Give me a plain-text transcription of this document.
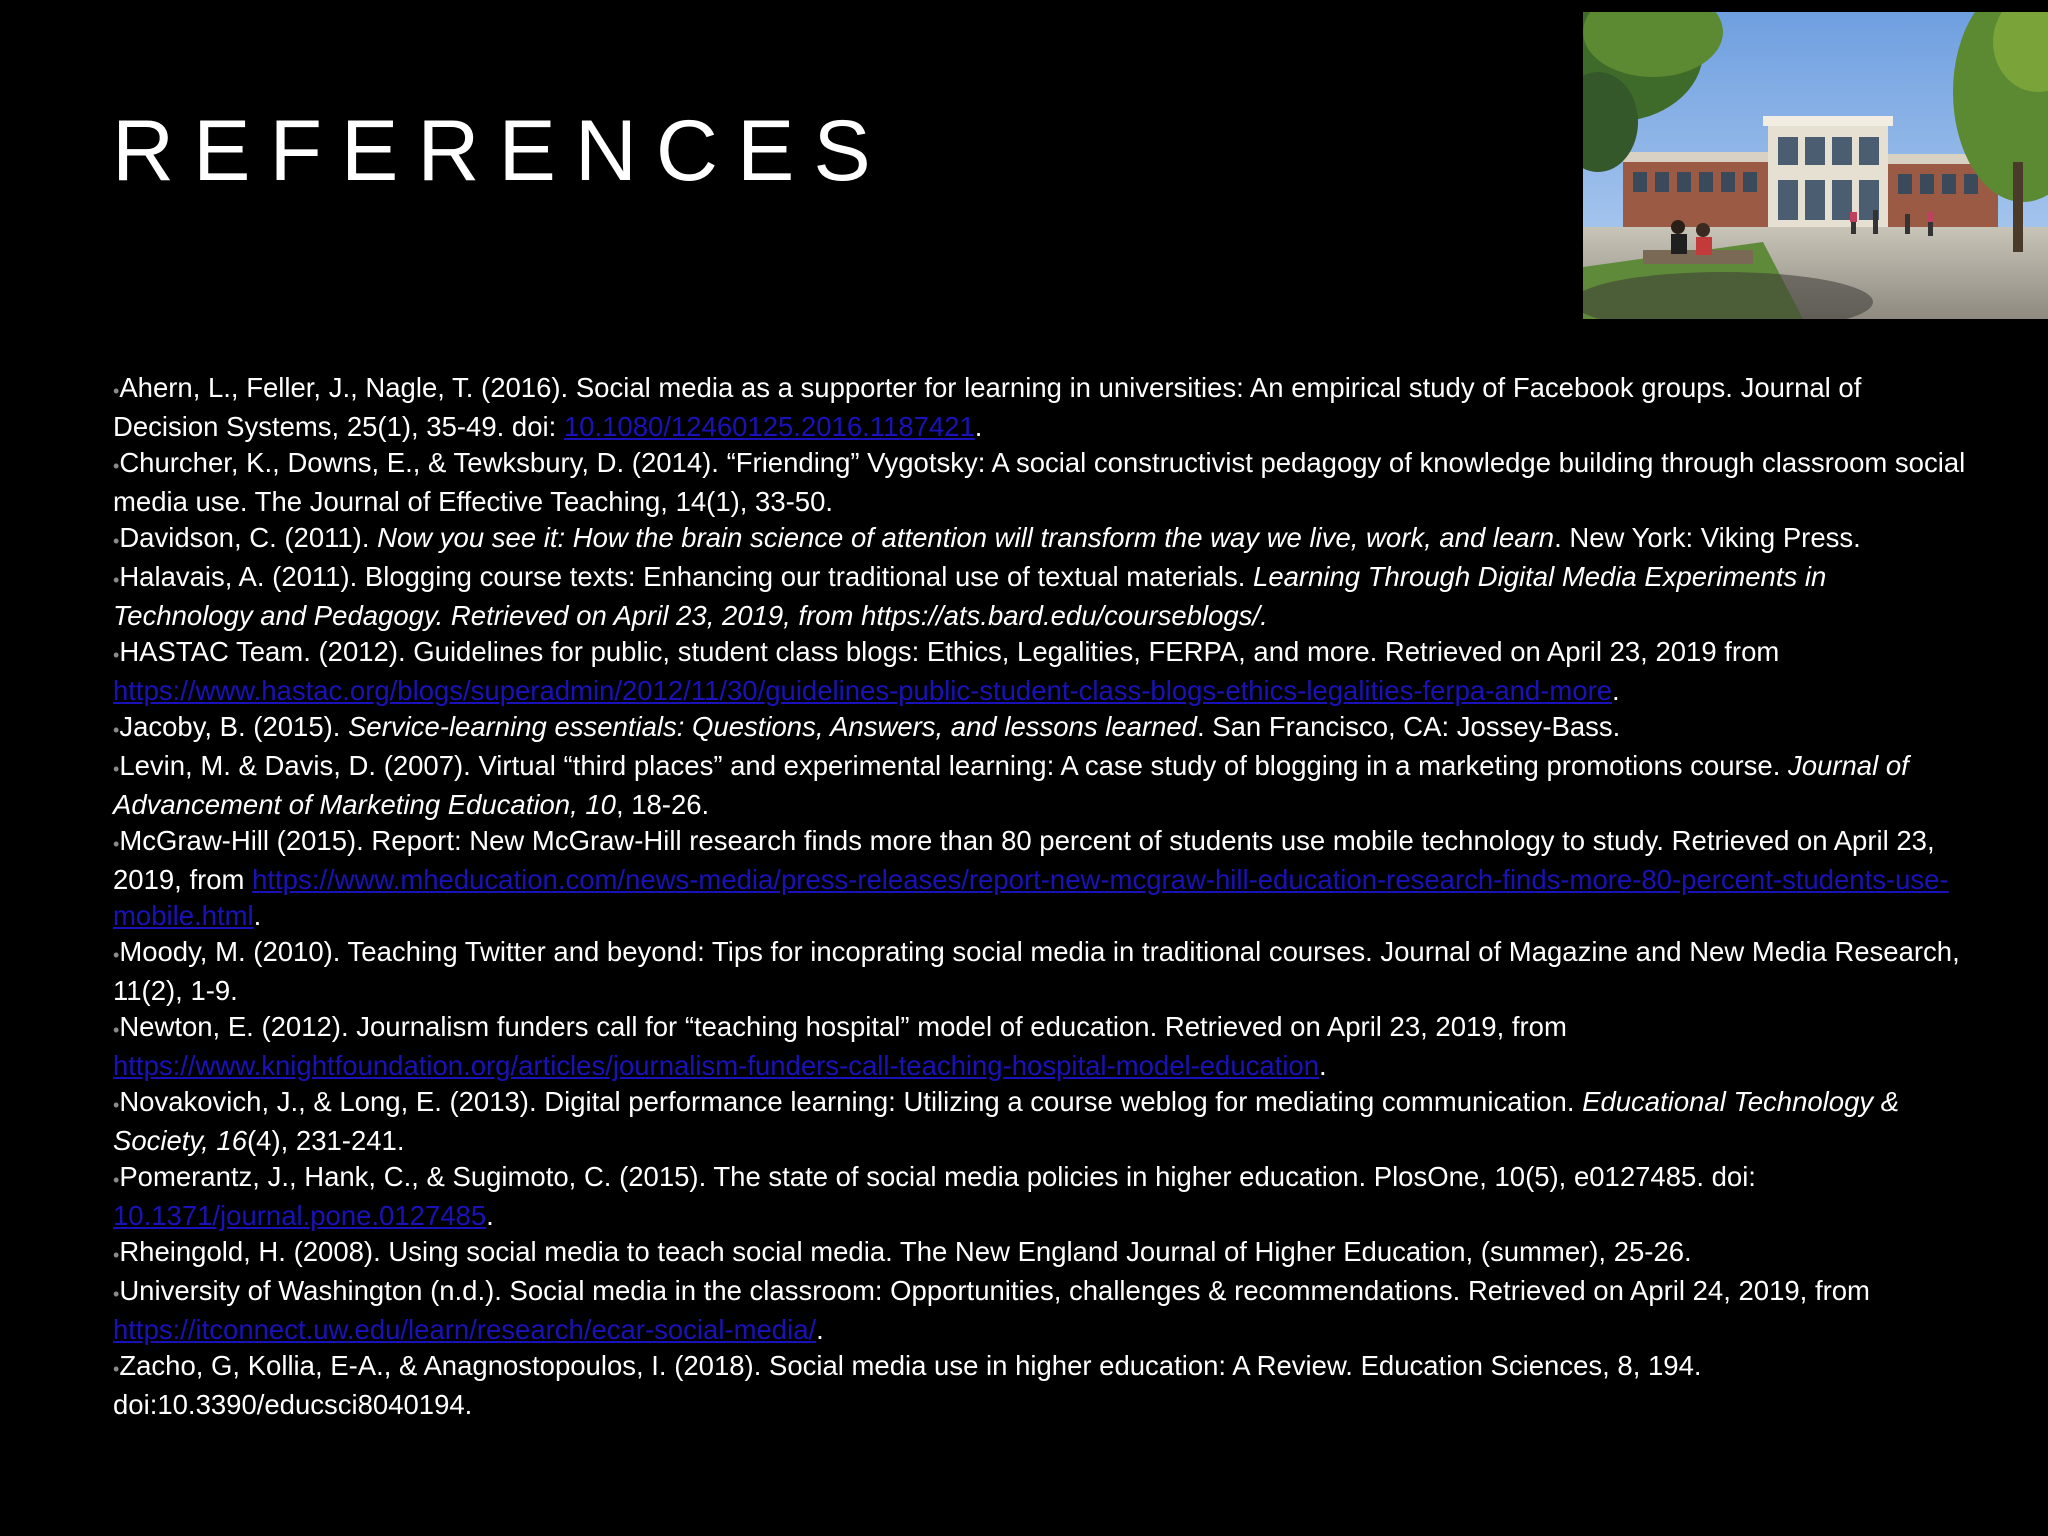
REFERENCES
•Ahern, L., Feller, J., Nagle, T. (2016). Social media as a supporter for learning in universities: An empirical study of Facebook groups. Journal of Decision Systems, 25(1), 35-49. doi: 10.1080/12460125.2016.1187421.
•Churcher, K., Downs, E., & Tewksbury, D. (2014). “Friending” Vygotsky: A social constructivist pedagogy of knowledge building through classroom social media use. The Journal of Effective Teaching, 14(1), 33-50.
•Davidson, C. (2011). Now you see it: How the brain science of attention will transform the way we live, work, and learn. New York: Viking Press.
•Halavais, A. (2011). Blogging course texts: Enhancing our traditional use of textual materials. Learning Through Digital Media Experiments in Technology and Pedagogy. Retrieved on April 23, 2019, from https://ats.bard.edu/courseblogs/.
•HASTAC Team. (2012). Guidelines for public, student class blogs: Ethics, Legalities, FERPA, and more. Retrieved on April 23, 2019 from https://www.hastac.org/blogs/superadmin/2012/11/30/guidelines-public-student-class-blogs-ethics-legalities-ferpa-and-more.
•Jacoby, B. (2015). Service-learning essentials: Questions, Answers, and lessons learned. San Francisco, CA: Jossey-Bass.
•Levin, M. & Davis, D. (2007). Virtual “third places” and experimental learning: A case study of blogging in a marketing promotions course. Journal of Advancement of Marketing Education, 10, 18-26.
•McGraw-Hill (2015). Report: New McGraw-Hill research finds more than 80 percent of students use mobile technology to study. Retrieved on April 23, 2019, from https://www.mheducation.com/news-media/press-releases/report-new-mcgraw-hill-education-research-finds-more-80-percent-students-use-mobile.html.
•Moody, M. (2010). Teaching Twitter and beyond: Tips for incoprating social media in traditional courses. Journal of Magazine and New Media Research, 11(2), 1-9.
•Newton, E. (2012). Journalism funders call for “teaching hospital” model of education. Retrieved on April 23, 2019, from https://www.knightfoundation.org/articles/journalism-funders-call-teaching-hospital-model-education.
•Novakovich, J., & Long, E. (2013). Digital performance learning: Utilizing a course weblog for mediating communication. Educational Technology & Society, 16(4), 231-241.
•Pomerantz, J., Hank, C., & Sugimoto, C. (2015). The state of social media policies in higher education. PlosOne, 10(5), e0127485. doi: 10.1371/journal.pone.0127485.
•Rheingold, H. (2008). Using social media to teach social media. The New England Journal of Higher Education, (summer), 25-26.
•University of Washington (n.d.). Social media in the classroom: Opportunities, challenges & recommendations. Retrieved on April 24, 2019, from https://itconnect.uw.edu/learn/research/ecar-social-media/.
•Zacho, G, Kollia, E-A., & Anagnostopoulos, I. (2018). Social media use in higher education: A Review. Education Sciences, 8, 194. doi:10.3390/educsci8040194.
